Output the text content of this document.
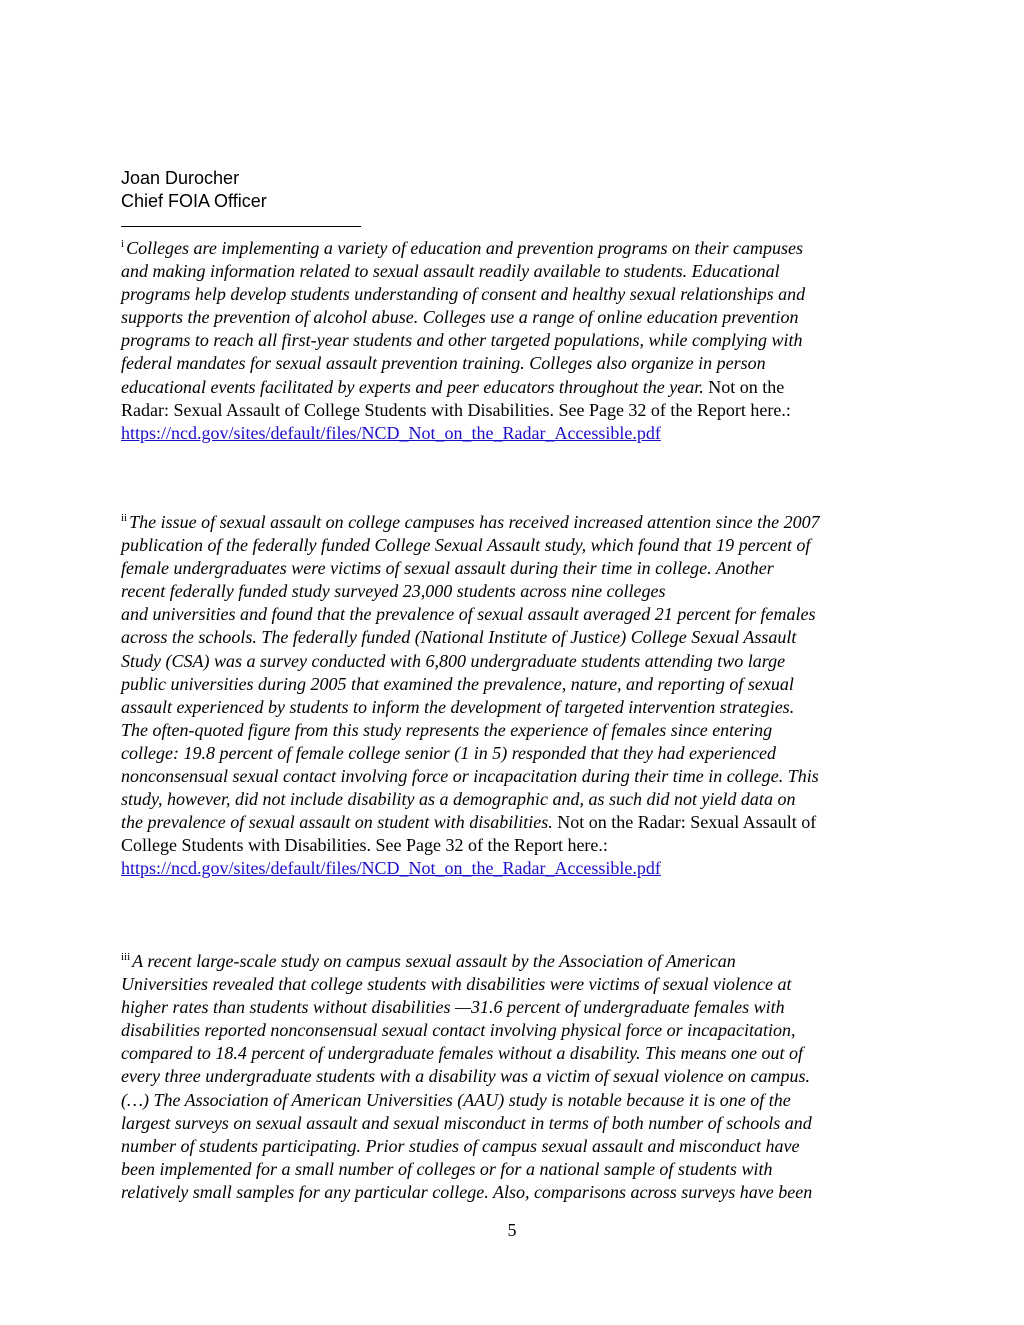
Joan Durocher
Chief FOIA Officer
$^i$ Colleges are implementing a variety of education and prevention programs on their campuses
and making information related to sexual assault readily available to students. Educational
programs help develop students understanding of consent and healthy sexual relationships and
supports the prevention of alcohol abuse. Colleges use a range of online education prevention
programs to reach all first-year students and other targeted populations, while complying with
federal mandates for sexual assault prevention training. Colleges also organize in person
educational events facilitated by experts and peer educators throughout the year. Not on the
Radar: Sexual Assault of College Students with Disabilities. See Page 32 of the Report here.:
https://ncd.gov/sites/default/files/NCD_Not_on_the_Radar_Accessible.pdf
$^{ii}$ The issue of sexual assault on college campuses has received increased attention since the 2007
publication of the federally funded College Sexual Assault study, which found that 19 percent of
female undergraduates were victims of sexual assault during their time in college. Another
recent federally funded study surveyed 23,000 students across nine colleges
and universities and found that the prevalence of sexual assault averaged 21 percent for females
across the schools. The federally funded (National Institute of Justice) College Sexual Assault
Study (CSA) was a survey conducted with 6,800 undergraduate students attending two large
public universities during 2005 that examined the prevalence, nature, and reporting of sexual
assault experienced by students to inform the development of targeted intervention strategies.
The often-quoted figure from this study represents the experience of females since entering
college: 19.8 percent of female college senior (1 in 5) responded that they had experienced
nonconsensual sexual contact involving force or incapacitation during their time in college. This
study, however, did not include disability as a demographic and, as such did not yield data on
the prevalence of sexual assault on student with disabilities. Not on the Radar: Sexual Assault of
College Students with Disabilities. See Page 32 of the Report here.:
https://ncd.gov/sites/default/files/NCD_Not_on_the_Radar_Accessible.pdf
$^{iii}$ A recent large-scale study on campus sexual assault by the Association of American
Universities revealed that college students with disabilities were victims of sexual violence at
higher rates than students without disabilities —31.6 percent of undergraduate females with
disabilities reported nonconsensual sexual contact involving physical force or incapacitation,
compared to 18.4 percent of undergraduate females without a disability. This means one out of
every three undergraduate students with a disability was a victim of sexual violence on campus.
(…) The Association of American Universities (AAU) study is notable because it is one of the
largest surveys on sexual assault and sexual misconduct in terms of both number of schools and
number of students participating. Prior studies of campus sexual assault and misconduct have
been implemented for a small number of colleges or for a national sample of students with
relatively small samples for any particular college. Also, comparisons across surveys have been
5
